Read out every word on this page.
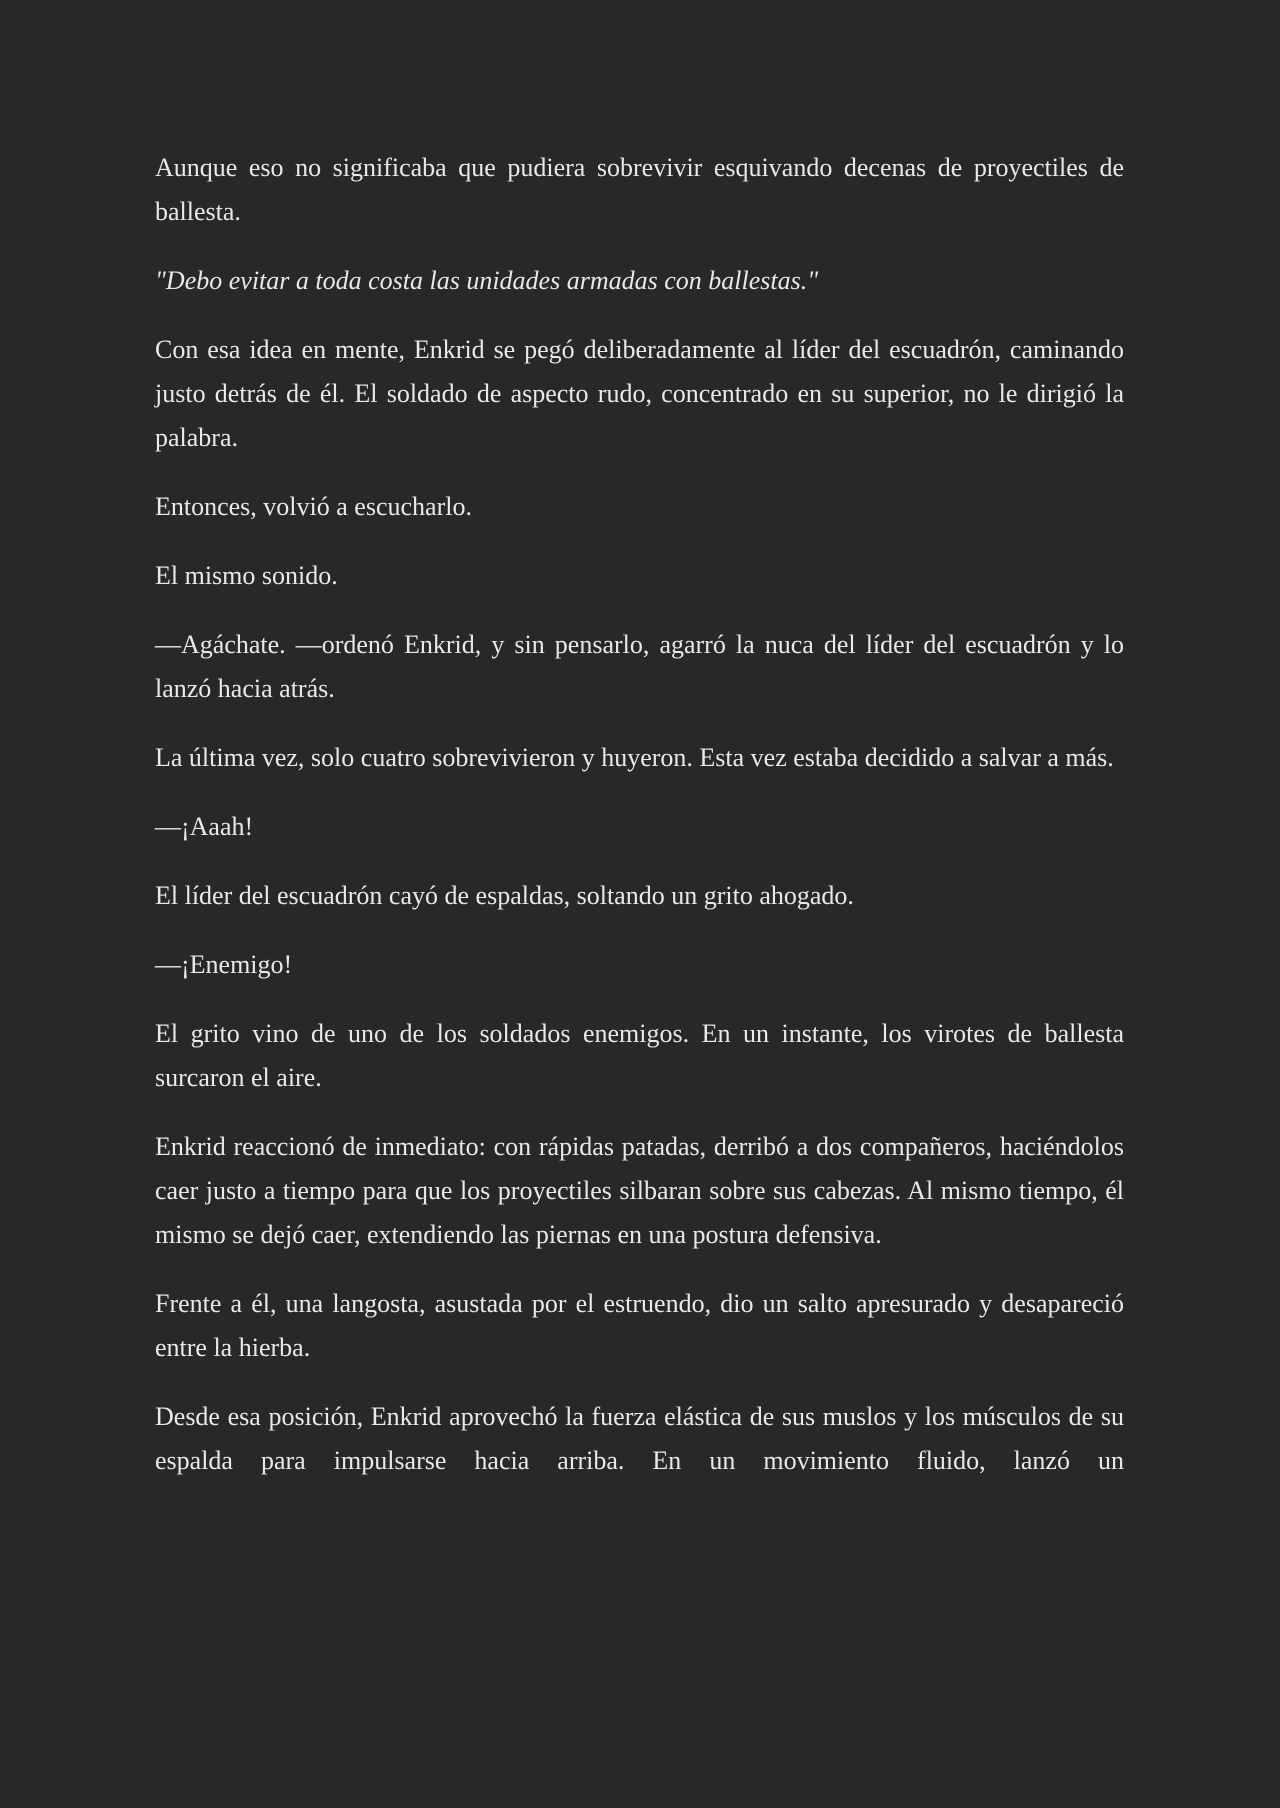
Aunque eso no significaba que pudiera sobrevivir esquivando decenas de proyectiles de ballesta.

"Debo evitar a toda costa las unidades armadas con ballestas."

Con esa idea en mente, Enkrid se pegó deliberadamente al líder del escuadrón, caminando justo detrás de él. El soldado de aspecto rudo, concentrado en su superior, no le dirigió la palabra.

Entonces, volvió a escucharlo.

El mismo sonido.

—Agáchate. —ordenó Enkrid, y sin pensarlo, agarró la nuca del líder del escuadrón y lo lanzó hacia atrás.

La última vez, solo cuatro sobrevivieron y huyeron. Esta vez estaba decidido a salvar a más.

—¡Aaah!

El líder del escuadrón cayó de espaldas, soltando un grito ahogado.

—¡Enemigo!

El grito vino de uno de los soldados enemigos. En un instante, los virotes de ballesta surcaron el aire.

Enkrid reaccionó de inmediato: con rápidas patadas, derribó a dos compañeros, haciéndolos caer justo a tiempo para que los proyectiles silbaran sobre sus cabezas. Al mismo tiempo, él mismo se dejó caer, extendiendo las piernas en una postura defensiva.

Frente a él, una langosta, asustada por el estruendo, dio un salto apresurado y desapareció entre la hierba.

Desde esa posición, Enkrid aprovechó la fuerza elástica de sus muslos y los músculos de su espalda para impulsarse hacia arriba. En un movimiento fluido, lanzó un
